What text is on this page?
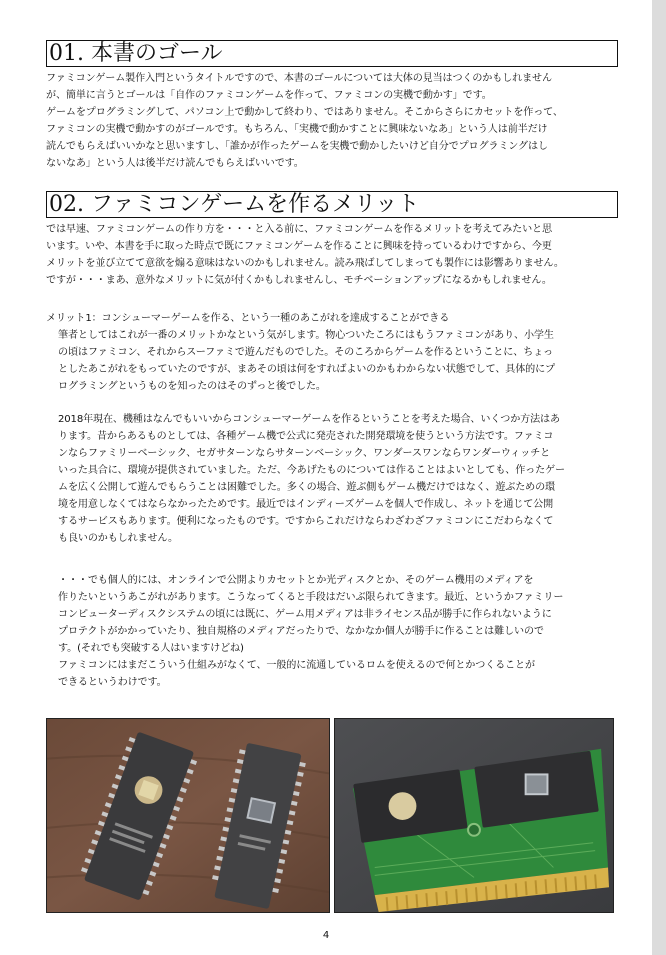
01. 本書のゴール

ファミコンゲーム製作入門というタイトルですので、本書のゴールについては大体の見当はつくのかもしれません
が、簡単に言うとゴールは「自作のファミコンゲームを作って、ファミコンの実機で動かす」です。
ゲームをプログラミングして、パソコン上で動かして終わり、ではありません。そこからさらにカセットを作って、
ファミコンの実機で動かすのがゴールです。もちろん、「実機で動かすことに興味ないなあ」という人は前半だけ
読んでもらえばいいかなと思いますし、「誰かが作ったゲームを実機で動かしたいけど自分でプログラミングはし
ないなあ」という人は後半だけ読んでもらえばいいです。

02. ファミコンゲームを作るメリット

では早速、ファミコンゲームの作り方を・・・と入る前に、ファミコンゲームを作るメリットを考えてみたいと思
います。いや、本書を手に取った時点で既にファミコンゲームを作ることに興味を持っているわけですから、今更
メリットを並び立てて意欲を煽る意味はないのかもしれません。読み飛ばしてしまっても製作には影響ありません。
ですが・・・まあ、意外なメリットに気が付くかもしれませんし、モチベーションアップになるかもしれません。

メリット1：コンシューマーゲームを作る、という一種のあこがれを達成することができる

筆者としてはこれが一番のメリットかなという気がします。物心ついたころにはもうファミコンがあり、小学生
の頃はファミコン、それからスーファミで遊んだものでした。そのころからゲームを作るということに、ちょっ
としたあこがれをもっていたのですが、まあその頃は何をすればよいのかもわからない状態でして、具体的にプ
ログラミングというものを知ったのはそのずっと後でした。

2018年現在、機種はなんでもいいからコンシューマーゲームを作るということを考えた場合、いくつか方法はあ
ります。昔からあるものとしては、各種ゲーム機で公式に発売された開発環境を使うという方法です。ファミコ
ンならファミリーベーシック、セガサターンならサターンベーシック、ワンダースワンならワンダーウィッチと
いった具合に、環境が提供されていました。ただ、今あげたものについては作ることはよいとしても、作ったゲー
ムを広く公開して遊んでもらうことは困難でした。多くの場合、遊ぶ側もゲーム機だけではなく、遊ぶための環
境を用意しなくてはならなかったためです。最近ではインディーズゲームを個人で作成し、ネットを通じて公開
するサービスもあります。便利になったものです。ですからこれだけならわざわざファミコンにこだわらなくて
も良いのかもしれません。

・・・でも個人的には、オンラインで公開よりカセットとか光ディスクとか、そのゲーム機用のメディアを
作りたいというあこがれがあります。こうなってくると手段はだいぶ限られてきます。最近、というかファミリー
コンピューターディスクシステムの頃には既に、ゲーム用メディアは非ライセンス品が勝手に作られないように
プロテクトがかかっていたり、独自規格のメディアだったりで、なかなか個人が勝手に作ることは難しいので
す。(それでも突破する人はいますけどね)
ファミコンにはまだこういう仕組みがなくて、一般的に流通しているロムを使えるので何とかつくることが
できるというわけです。

4
